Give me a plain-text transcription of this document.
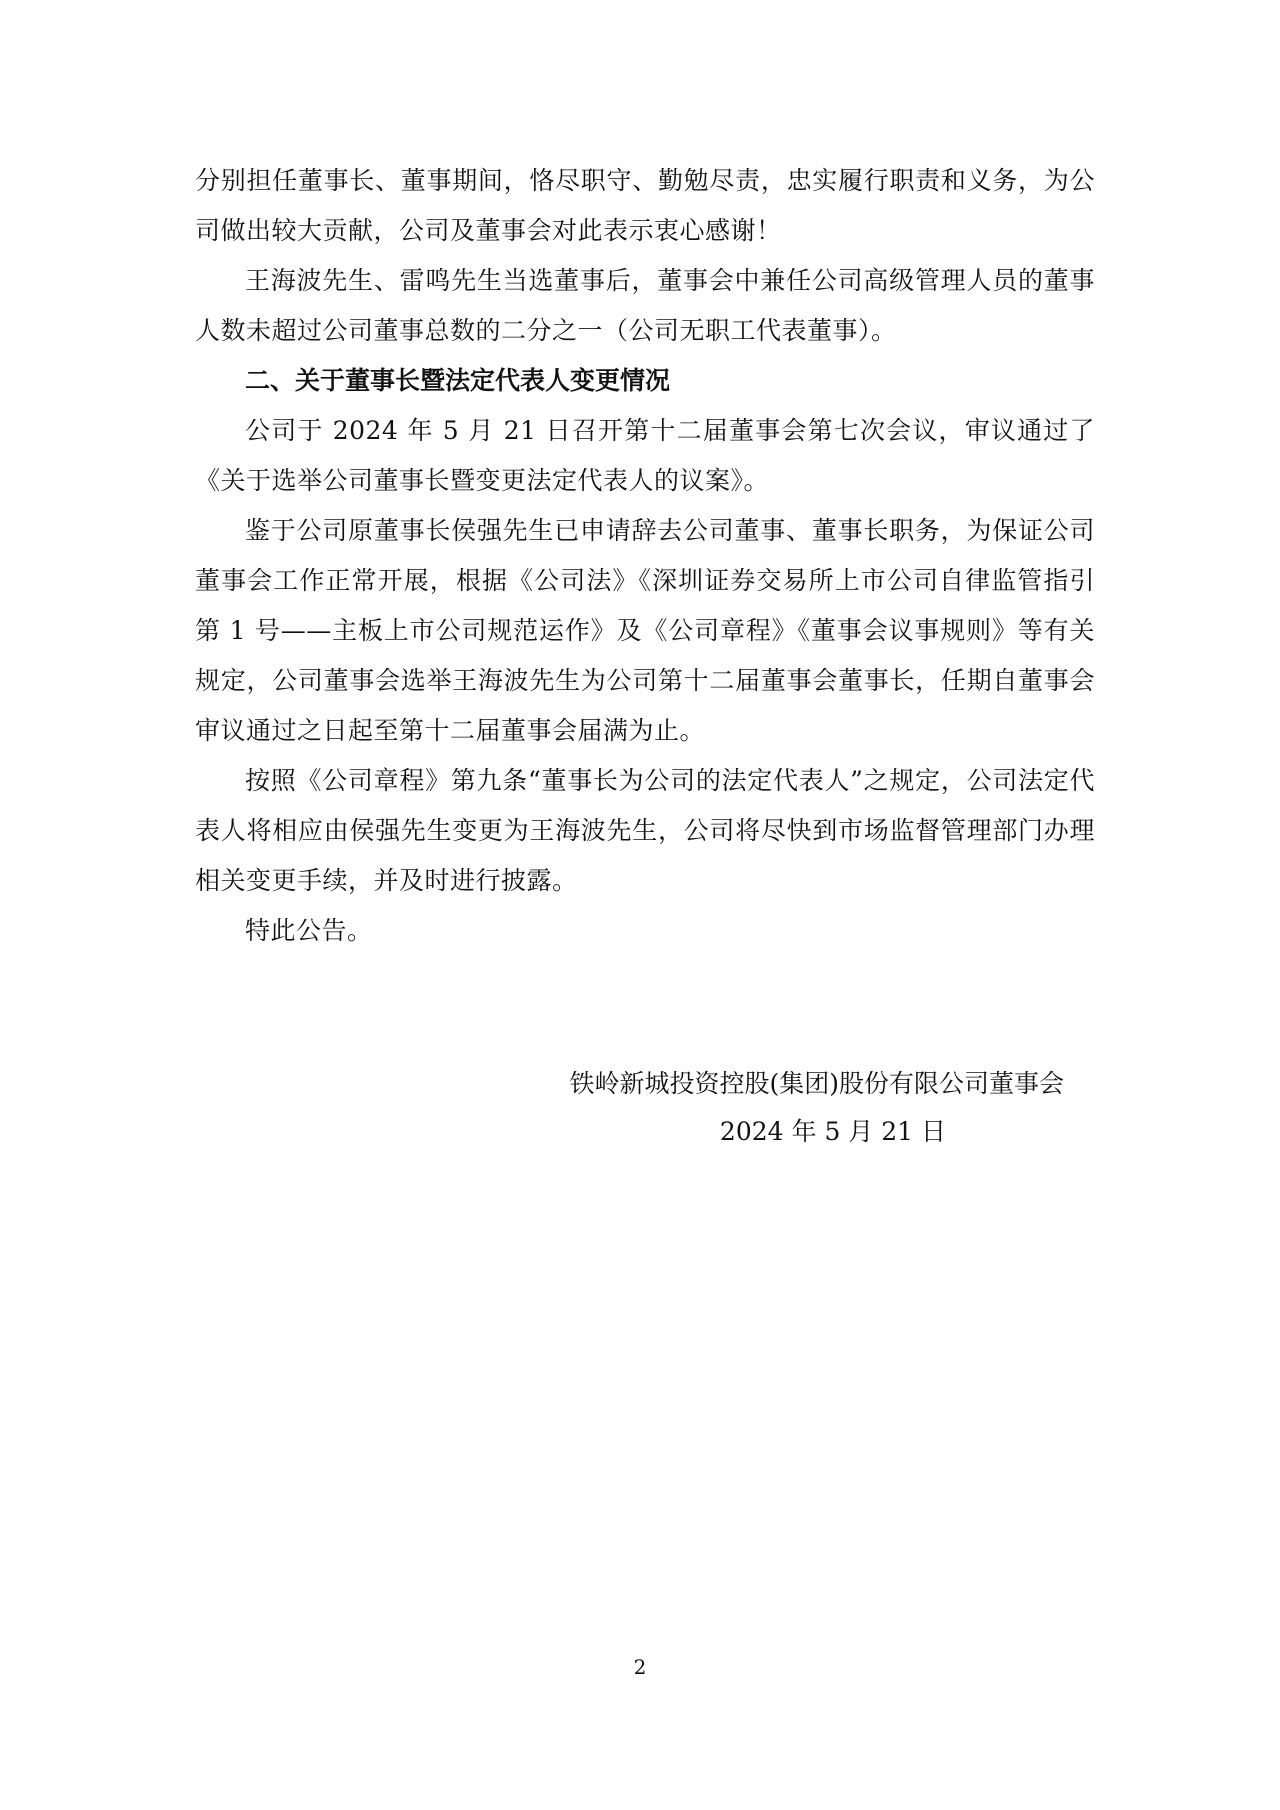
分别担任董事长、董事期间，恪尽职守、勤勉尽责，忠实履行职责和义务，为公司做出较大贡献，公司及董事会对此表示衷心感谢！

王海波先生、雷鸣先生当选董事后，董事会中兼任公司高级管理人员的董事人数未超过公司董事总数的二分之一（公司无职工代表董事）。

二、关于董事长暨法定代表人变更情况

公司于 2024 年 5 月 21 日召开第十二届董事会第七次会议，审议通过了《关于选举公司董事长暨变更法定代表人的议案》。

鉴于公司原董事长侯强先生已申请辞去公司董事、董事长职务，为保证公司董事会工作正常开展，根据《公司法》《深圳证券交易所上市公司自律监管指引第 1 号——主板上市公司规范运作》及《公司章程》《董事会议事规则》等有关规定，公司董事会选举王海波先生为公司第十二届董事会董事长，任期自董事会审议通过之日起至第十二届董事会届满为止。

按照《公司章程》第九条“董事长为公司的法定代表人”之规定，公司法定代表人将相应由侯强先生变更为王海波先生，公司将尽快到市场监督管理部门办理相关变更手续，并及时进行披露。

特此公告。

铁岭新城投资控股(集团)股份有限公司董事会

2024 年 5 月 21 日

2
